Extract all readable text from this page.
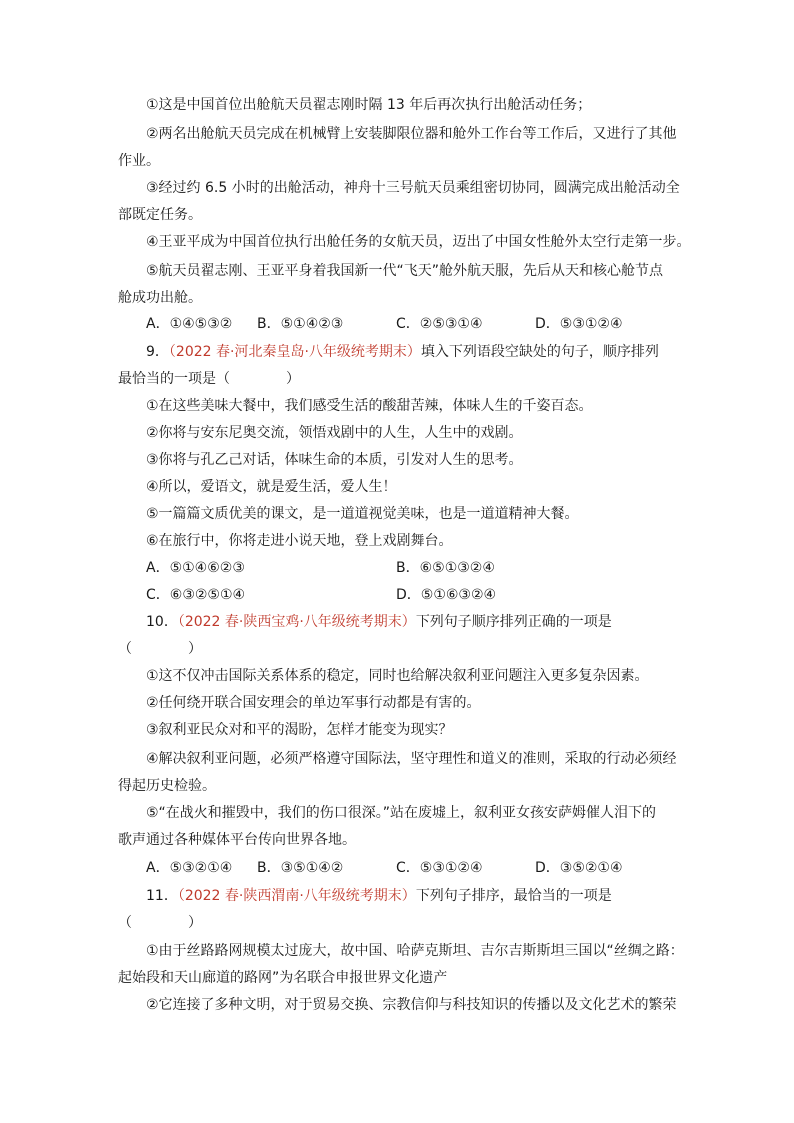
①这是中国首位出舱航天员翟志刚时隔 13 年后再次执行出舱活动任务；
②两名出舱航天员完成在机械臂上安装脚限位器和舱外工作台等工作后，又进行了其他
作业。
③经过约 6.5 小时的出舱活动，神舟十三号航天员乘组密切协同，圆满完成出舱活动全
部既定任务。
④王亚平成为中国首位执行出舱任务的女航天员，迈出了中国女性舱外太空行走第一步。
⑤航天员翟志刚、王亚平身着我国新一代“飞天”舱外航天服，先后从天和核心舱节点
舱成功出舱。
A．①④⑤③② B．⑤①④②③	C．②⑤③①④	D．⑤③①②④
9．（2022 春·河北秦皇岛·八年级统考期末）填入下列语段空缺处的句子，顺序排列
最恰当的一项是（　　　　）
①在这些美味大餐中，我们感受生活的酸甜苦辣，体味人生的千姿百态。
②你将与安东尼奥交流，领悟戏剧中的人生，人生中的戏剧。
③你将与孔乙己对话，体味生命的本质，引发对人生的思考。
④所以，爱语文，就是爱生活，爱人生！
⑤一篇篇文质优美的课文，是一道道视觉美味，也是一道道精神大餐。
⑥在旅行中，你将走进小说天地，登上戏剧舞台。
A．⑤①④⑥②③	B．⑥⑤①③②④
C．⑥③②⑤①④	D．⑤①⑥③②④
10．（2022 春·陕西宝鸡·八年级统考期末）下列句子顺序排列正确的一项是
（　　　　）
①这不仅冲击国际关系体系的稳定，同时也给解决叙利亚问题注入更多复杂因素。
②任何绕开联合国安理会的单边军事行动都是有害的。
③叙利亚民众对和平的渴盼，怎样才能变为现实？
④解决叙利亚问题，必须严格遵守国际法，坚守理性和道义的准则，采取的行动必须经
得起历史检验。
⑤“在战火和摧毁中，我们的伤口很深。”站在废墟上，叙利亚女孩安萨姆催人泪下的
歌声通过各种媒体平台传向世界各地。
A．⑤③②①④ B．③⑤①④②	C．⑤③①②④	D．③⑤②①④
11．（2022 春·陕西渭南·八年级统考期末）下列句子排序，最恰当的一项是
（　　　　）
①由于丝路路网规模太过庞大，故中国、哈萨克斯坦、吉尔吉斯斯坦三国以“丝绸之路：
起始段和天山廊道的路网”为名联合申报世界文化遗产
②它连接了多种文明，对于贸易交换、宗教信仰与科技知识的传播以及文化艺术的繁荣
